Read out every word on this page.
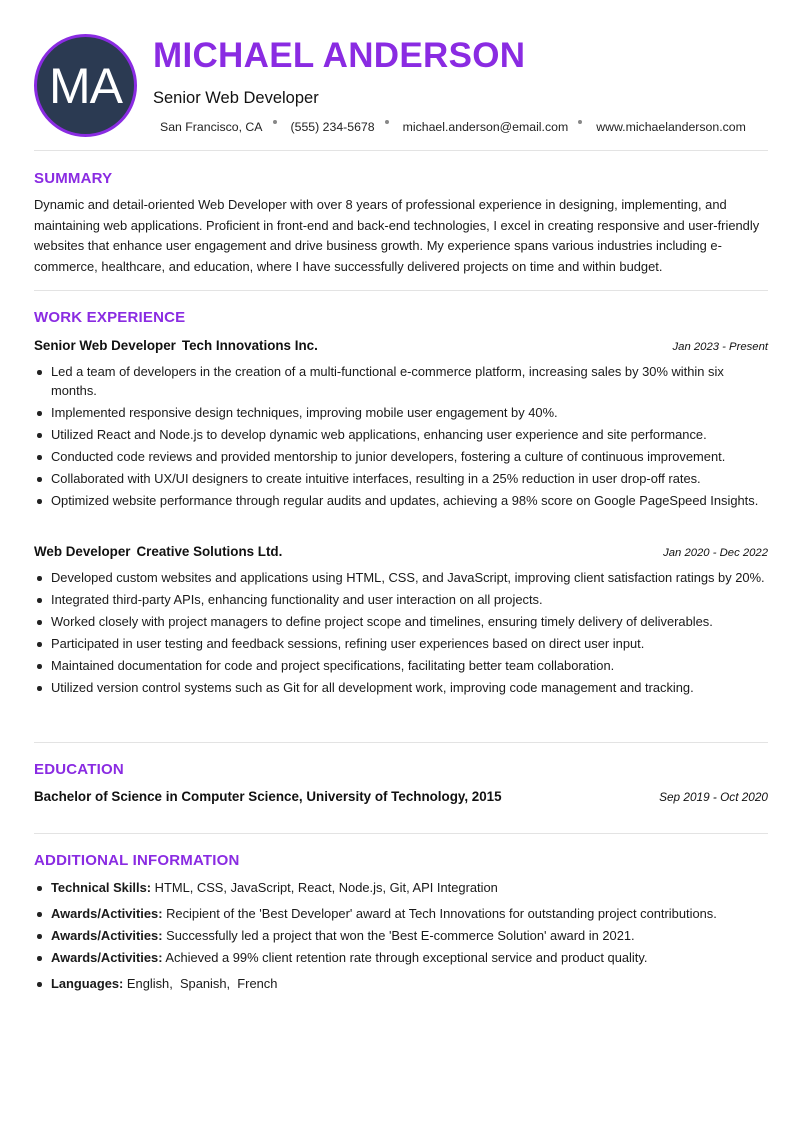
MA
MICHAEL ANDERSON
Senior Web Developer
San Francisco, CA (555) 234-5678 michael.anderson@email.com www.michaelanderson.com
SUMMARY
Dynamic and detail-oriented Web Developer with over 8 years of professional experience in designing, implementing, and maintaining web applications. Proficient in front-end and back-end technologies, I excel in creating responsive and user-friendly websites that enhance user engagement and drive business growth. My experience spans various industries including e-commerce, healthcare, and education, where I have successfully delivered projects on time and within budget.
WORK EXPERIENCE
Senior Web Developer Tech Innovations Inc.	Jan 2023 - Present
Led a team of developers in the creation of a multi-functional e-commerce platform, increasing sales by 30% within six months.
Implemented responsive design techniques, improving mobile user engagement by 40%.
Utilized React and Node.js to develop dynamic web applications, enhancing user experience and site performance.
Conducted code reviews and provided mentorship to junior developers, fostering a culture of continuous improvement.
Collaborated with UX/UI designers to create intuitive interfaces, resulting in a 25% reduction in user drop-off rates.
Optimized website performance through regular audits and updates, achieving a 98% score on Google PageSpeed Insights.
Web Developer Creative Solutions Ltd.	Jan 2020 - Dec 2022
Developed custom websites and applications using HTML, CSS, and JavaScript, improving client satisfaction ratings by 20%.
Integrated third-party APIs, enhancing functionality and user interaction on all projects.
Worked closely with project managers to define project scope and timelines, ensuring timely delivery of deliverables.
Participated in user testing and feedback sessions, refining user experiences based on direct user input.
Maintained documentation for code and project specifications, facilitating better team collaboration.
Utilized version control systems such as Git for all development work, improving code management and tracking.
EDUCATION
Bachelor of Science in Computer Science, University of Technology, 2015	Sep 2019 - Oct 2020
ADDITIONAL INFORMATION
Technical Skills: HTML, CSS, JavaScript, React, Node.js, Git, API Integration
Awards/Activities: Recipient of the 'Best Developer' award at Tech Innovations for outstanding project contributions.
Awards/Activities: Successfully led a project that won the 'Best E-commerce Solution' award in 2021.
Awards/Activities: Achieved a 99% client retention rate through exceptional service and product quality.
Languages: English,  Spanish,  French
